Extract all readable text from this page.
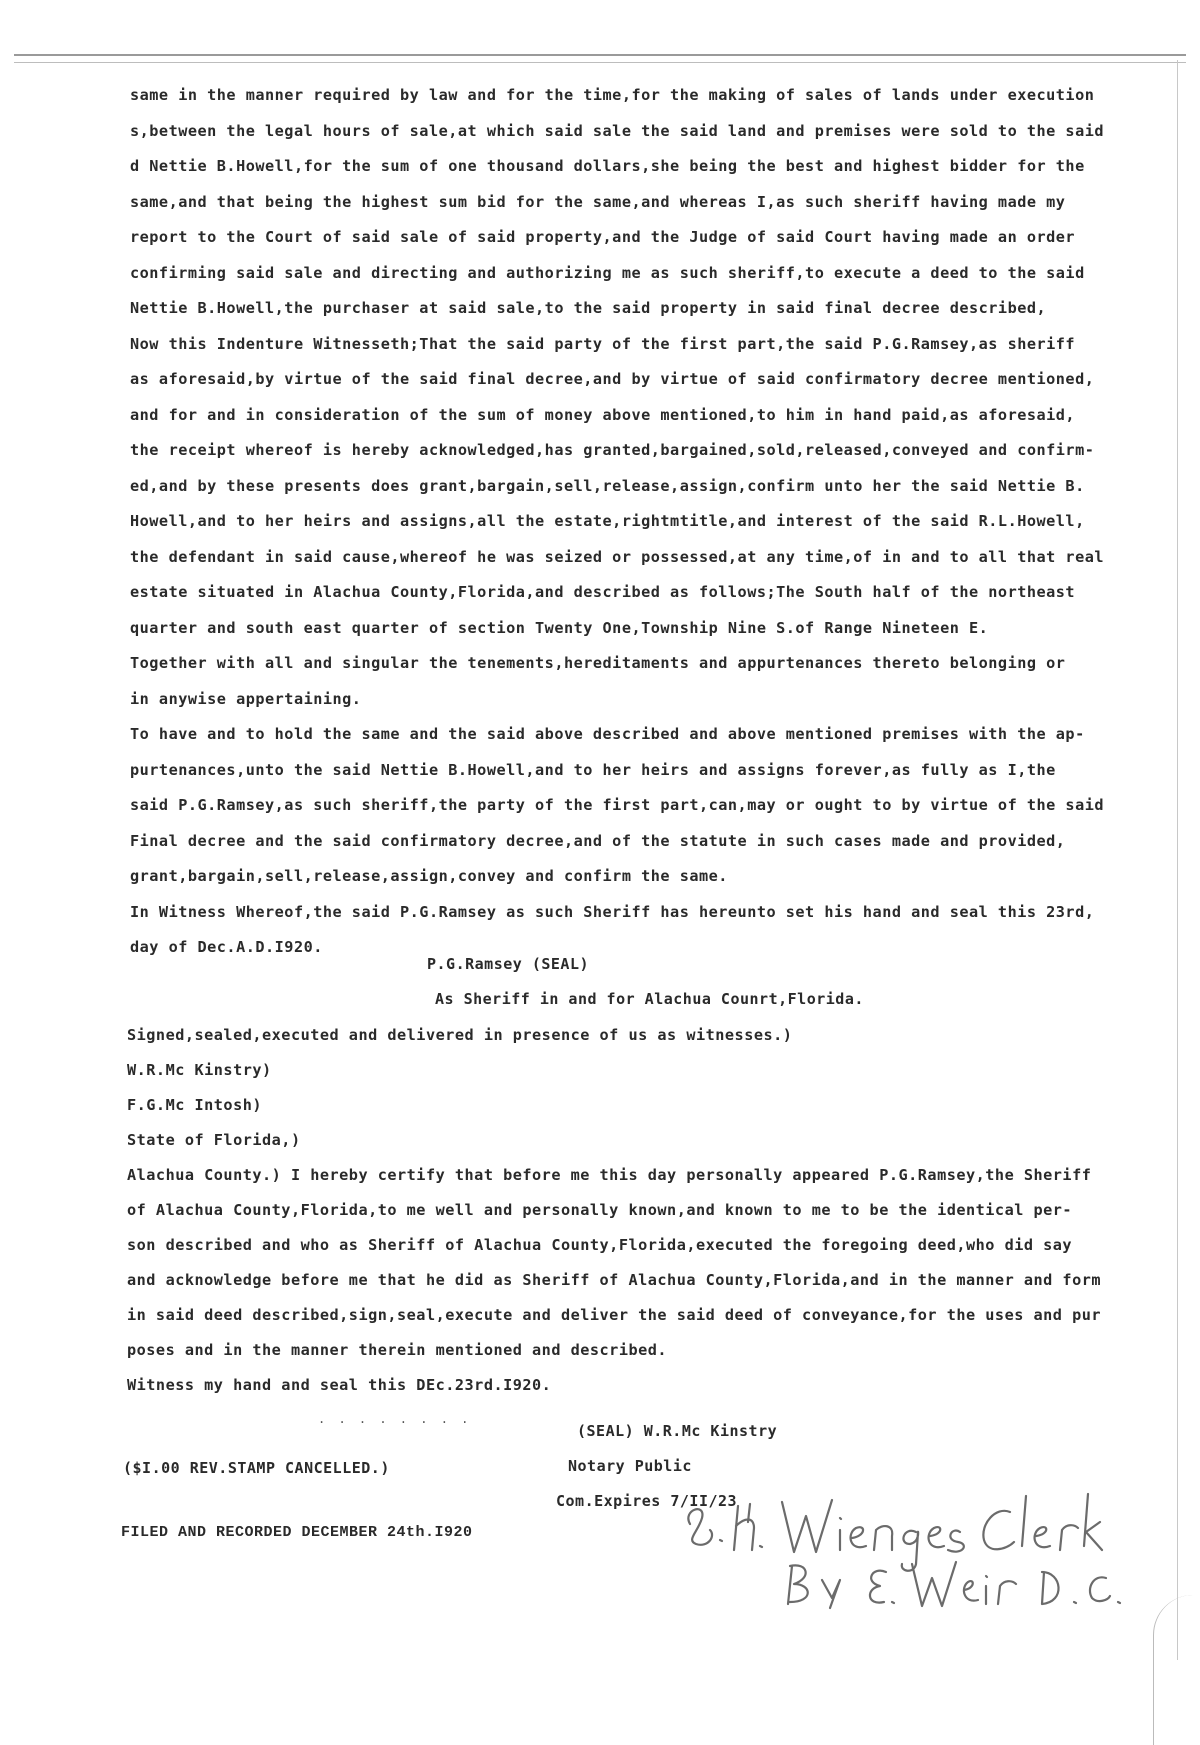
same in the manner required by law and for the time,for the making of sales of lands under execution
s,between the legal hours of sale,at which said sale the said land and premises were sold to the said
d Nettie B.Howell,for the sum of one thousand dollars,she being the best and highest bidder for the
same,and that being the highest sum bid for the same,and whereas I,as such sheriff having made my
report to the Court of said sale of said property,and the Judge of said Court having made an order
confirming said sale and directing and authorizing me as such sheriff,to execute a deed to the said
Nettie B.Howell,the purchaser at said sale,to the said property in said final decree described,
Now this Indenture Witnesseth;That the said party of the first part,the said P.G.Ramsey,as sheriff
as aforesaid,by virtue of the said final decree,and by virtue of said confirmatory decree mentioned,
and for and in consideration of the sum of money above mentioned,to him in hand paid,as aforesaid,
the receipt whereof is hereby acknowledged,has granted,bargained,sold,released,conveyed and confirm-
ed,and by these presents does grant,bargain,sell,release,assign,confirm unto her the said Nettie B.
Howell,and to her heirs and assigns,all the estate,rightmtitle,and interest of the said R.L.Howell,
the defendant in said cause,whereof he was seized or possessed,at any time,of in and to all that real
estate situated in Alachua County,Florida,and described as follows;The South half of the northeast
quarter and south east quarter of section Twenty One,Township Nine S.of Range Nineteen E.
Together with all and singular the tenements,hereditaments and appurtenances thereto belonging or
in anywise appertaining.
To have and to hold the same and the said above described and above mentioned premises with the ap-
purtenances,unto the said Nettie B.Howell,and to her heirs and assigns forever,as fully as I,the
said P.G.Ramsey,as such sheriff,the party of the first part,can,may or ought to by virtue of the said
Final decree and the said confirmatory decree,and of the statute in such cases made and provided,
grant,bargain,sell,release,assign,convey and confirm the same.
In Witness Whereof,the said P.G.Ramsey as such Sheriff has hereunto set his hand and seal this 23rd,
day of Dec.A.D.I920.
P.G.Ramsey (SEAL)
As Sheriff in and for Alachua Counrt,Florida.
Signed,sealed,executed and delivered in presence of us as witnesses.)
W.R.Mc Kinstry)
F.G.Mc Intosh)
State of Florida,)
Alachua County.) I hereby certify that before me this day personally appeared P.G.Ramsey,the Sheriff
of Alachua County,Florida,to me well and personally known,and known to me to be the identical per-
son described and who as Sheriff of Alachua County,Florida,executed the foregoing deed,who did say
and acknowledge before me that he did as Sheriff of Alachua County,Florida,and in the manner and form
in said deed described,sign,seal,execute and deliver the said deed of conveyance,for the uses and pur
poses and in the manner therein mentioned and described.
Witness my hand and seal this DEc.23rd.I920.
. . . . . . . .
(SEAL) W.R.Mc Kinstry
Notary Public
Com.Expires 7/II/23
($I.00 REV.STAMP CANCELLED.)
FILED AND RECORDED DECEMBER 24th.I920
